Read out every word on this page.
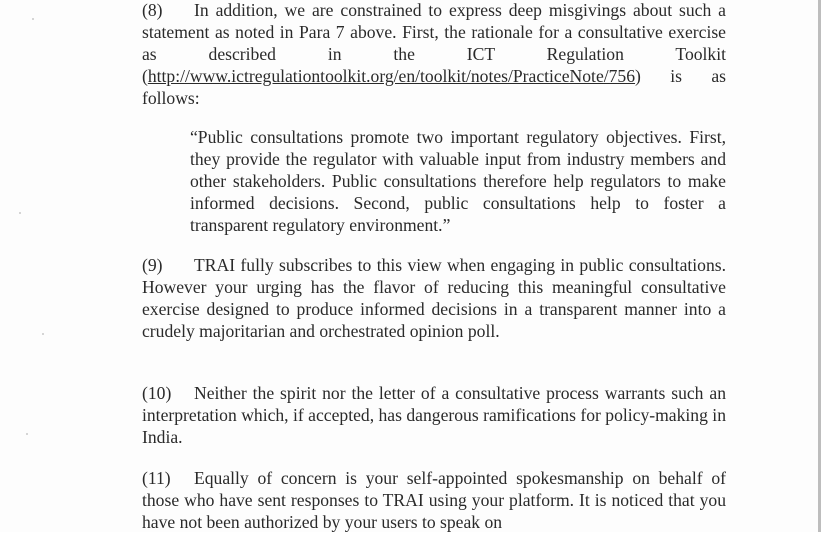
(8) In addition, we are constrained to express deep misgivings about such a statement as noted in Para 7 above. First, the rationale for a consultative exercise as described in the ICT Regulation Toolkit (http://www.ictregulationtoolkit.org/en/toolkit/notes/PracticeNote/756) is as follows:
“Public consultations promote two important regulatory objectives. First, they provide the regulator with valuable input from industry members and other stakeholders. Public consultations therefore help regulators to make informed decisions. Second, public consultations help to foster a transparent regulatory environment.”
(9) TRAI fully subscribes to this view when engaging in public consultations. However your urging has the flavor of reducing this meaningful consultative exercise designed to produce informed decisions in a transparent manner into a crudely majoritarian and orchestrated opinion poll.
(10) Neither the spirit nor the letter of a consultative process warrants such an interpretation which, if accepted, has dangerous ramifications for policy-making in India.
(11) Equally of concern is your self-appointed spokesmanship on behalf of those who have sent responses to TRAI using your platform. It is noticed that you have not been authorized by your users to speak on
